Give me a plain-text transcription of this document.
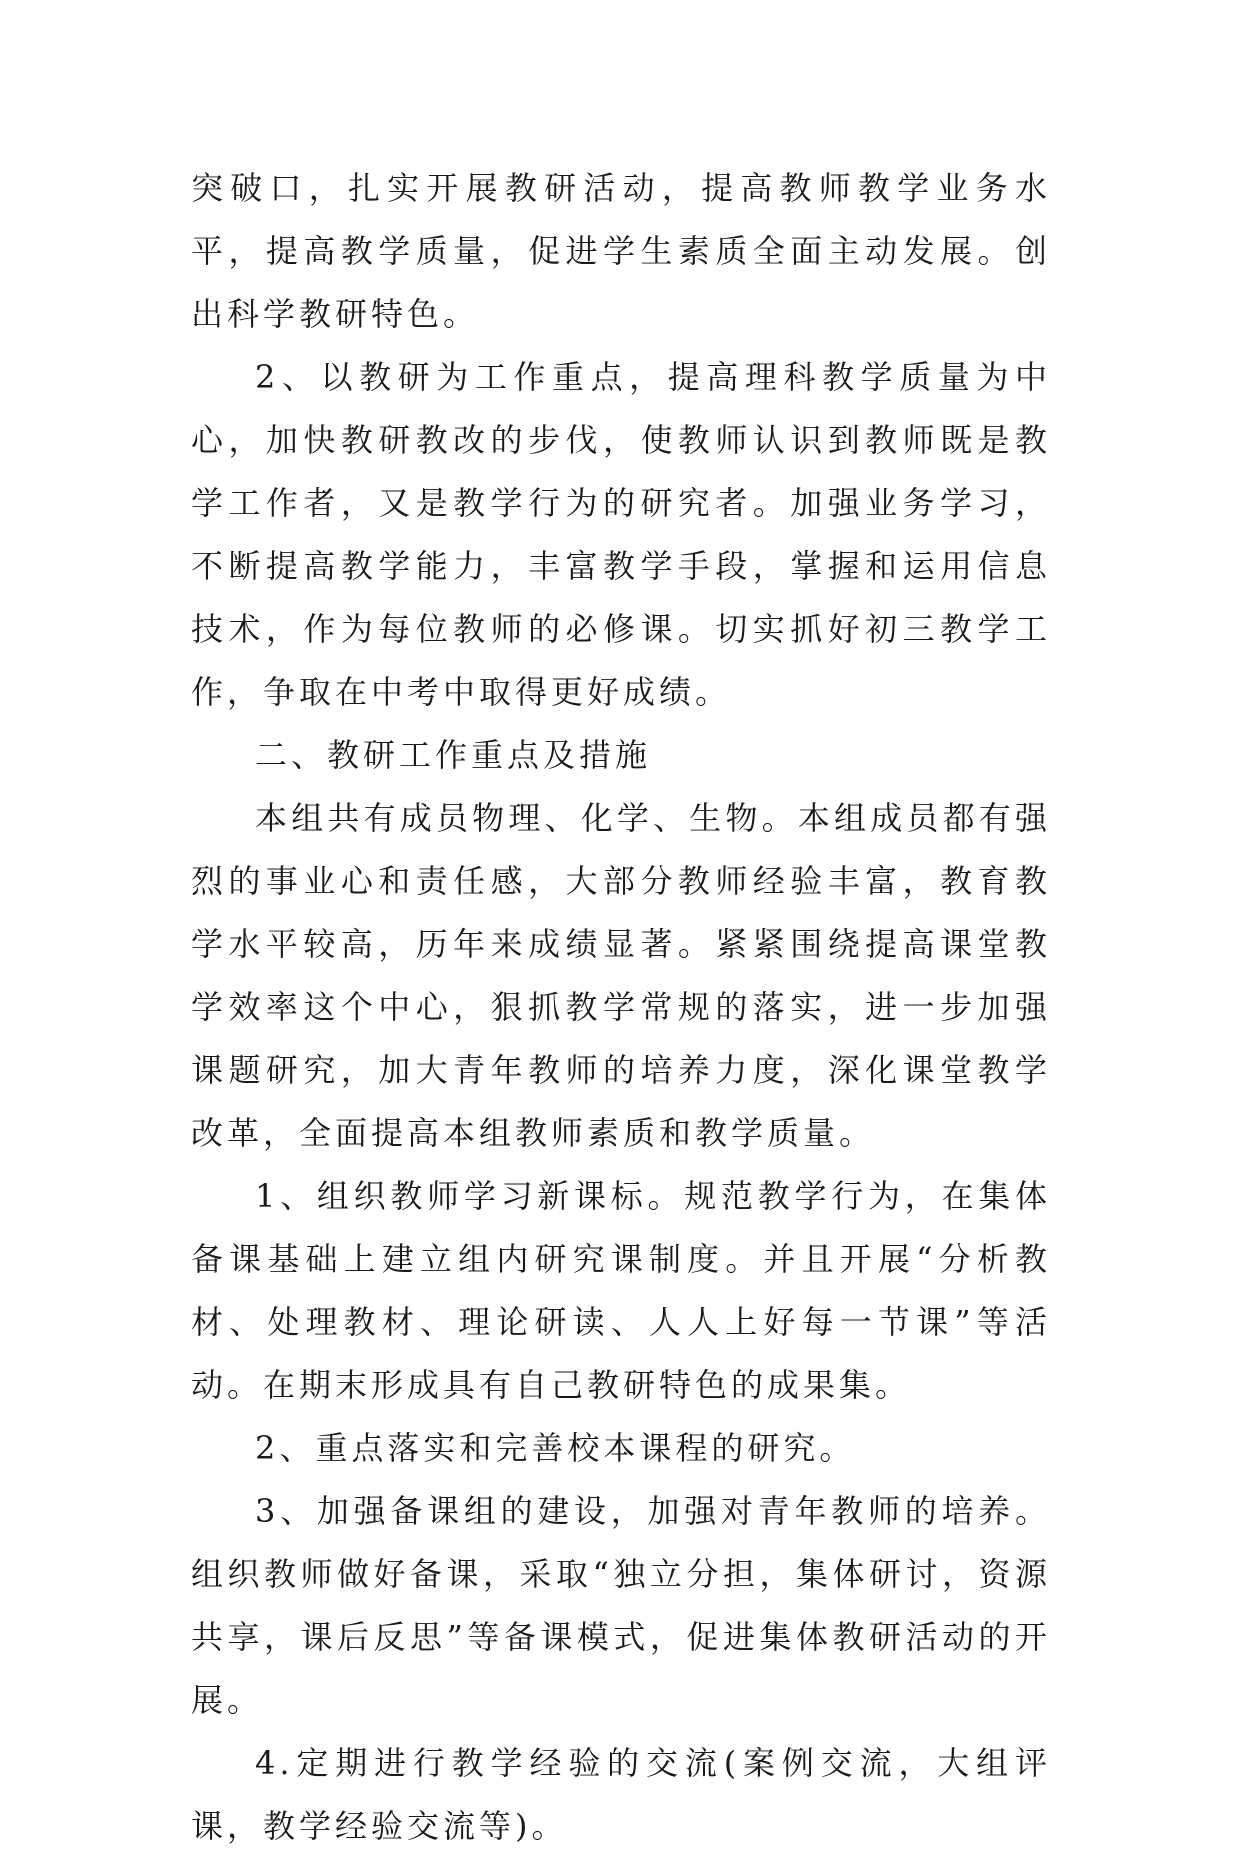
突破口，扎实开展教研活动，提高教师教学业务水平，提高教学质量，促进学生素质全面主动发展。创出科学教研特色。

2、以教研为工作重点，提高理科教学质量为中心，加快教研教改的步伐，使教师认识到教师既是教学工作者，又是教学行为的研究者。加强业务学习，不断提高教学能力，丰富教学手段，掌握和运用信息技术，作为每位教师的必修课。切实抓好初三教学工作，争取在中考中取得更好成绩。

二、教研工作重点及措施

本组共有成员物理、化学、生物。本组成员都有强烈的事业心和责任感，大部分教师经验丰富，教育教学水平较高，历年来成绩显著。紧紧围绕提高课堂教学效率这个中心，狠抓教学常规的落实，进一步加强课题研究，加大青年教师的培养力度，深化课堂教学改革，全面提高本组教师素质和教学质量。

1、组织教师学习新课标。规范教学行为，在集体备课基础上建立组内研究课制度。并且开展“分析教材、处理教材、理论研读、人人上好每一节课”等活动。在期末形成具有自己教研特色的成果集。

2、重点落实和完善校本课程的研究。

3、加强备课组的建设，加强对青年教师的培养。组织教师做好备课，采取“独立分担，集体研讨，资源共享，课后反思”等备课模式，促进集体教研活动的开展。

4.定期进行教学经验的交流(案例交流，大组评课，教学经验交流等)。
